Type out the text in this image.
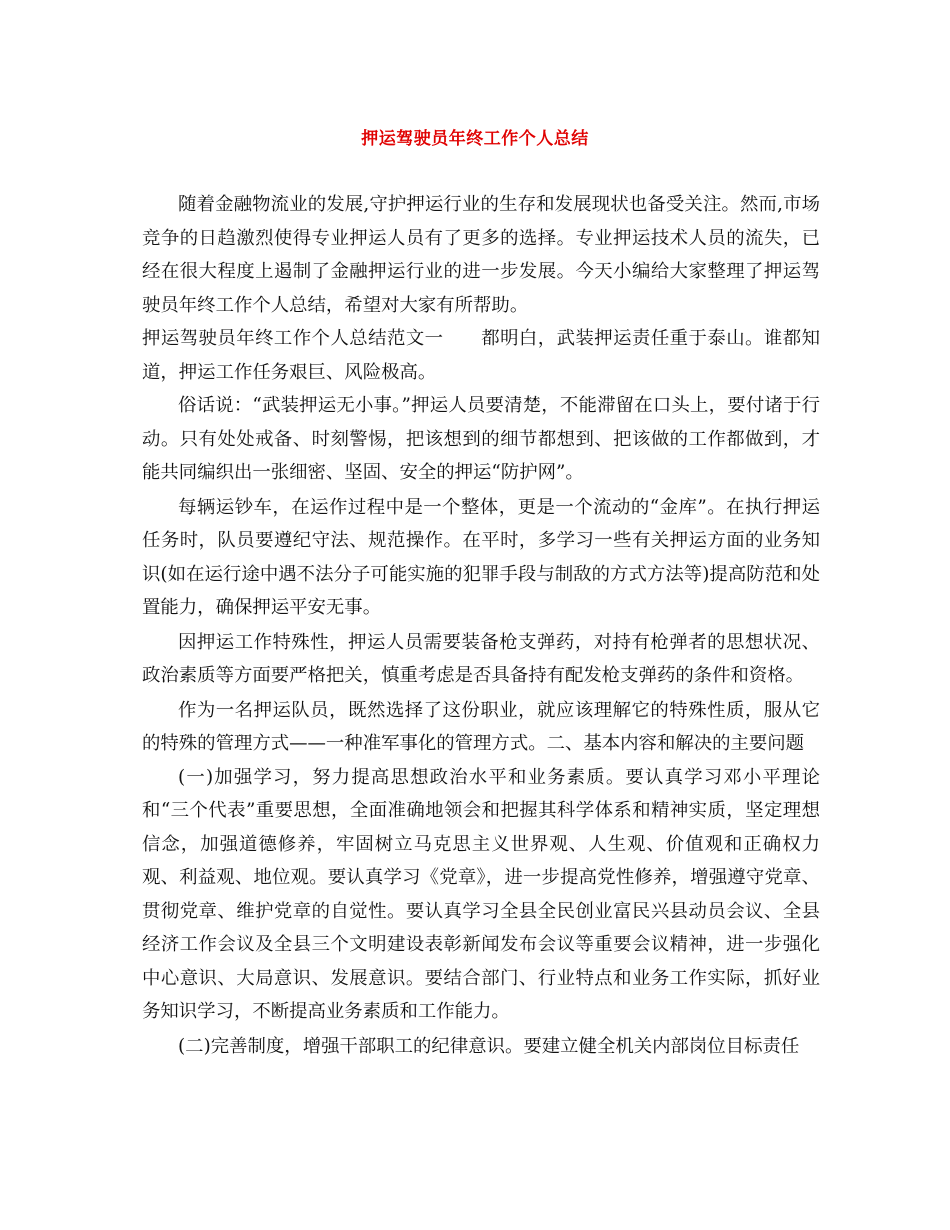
押运驾驶员年终工作个人总结

随着金融物流业的发展,守护押运行业的生存和发展现状也备受关注。然而,市场竞争的日趋激烈使得专业押运人员有了更多的选择。专业押运技术人员的流失，已经在很大程度上遏制了金融押运行业的进一步发展。今天小编给大家整理了押运驾驶员年终工作个人总结，希望对大家有所帮助。

押运驾驶员年终工作个人总结范文一　　都明白，武装押运责任重于泰山。谁都知道，押运工作任务艰巨、风险极高。

俗话说：“武装押运无小事。”押运人员要清楚，不能滞留在口头上，要付诸于行动。只有处处戒备、时刻警惕，把该想到的细节都想到、把该做的工作都做到，才能共同编织出一张细密、坚固、安全的押运“防护网”。

每辆运钞车，在运作过程中是一个整体，更是一个流动的“金库”。在执行押运任务时，队员要遵纪守法、规范操作。在平时，多学习一些有关押运方面的业务知识(如在运行途中遇不法分子可能实施的犯罪手段与制敌的方式方法等)提高防范和处置能力，确保押运平安无事。

因押运工作特殊性，押运人员需要装备枪支弹药，对持有枪弹者的思想状况、政治素质等方面要严格把关，慎重考虑是否具备持有配发枪支弹药的条件和资格。

作为一名押运队员，既然选择了这份职业，就应该理解它的特殊性质，服从它的特殊的管理方式——一种准军事化的管理方式。二、基本内容和解决的主要问题

(一)加强学习，努力提高思想政治水平和业务素质。要认真学习邓小平理论和“三个代表”重要思想，全面准确地领会和把握其科学体系和精神实质，坚定理想信念，加强道德修养，牢固树立马克思主义世界观、人生观、价值观和正确权力观、利益观、地位观。要认真学习《党章》，进一步提高党性修养，增强遵守党章、贯彻党章、维护党章的自觉性。要认真学习全县全民创业富民兴县动员会议、全县经济工作会议及全县三个文明建设表彰新闻发布会议等重要会议精神，进一步强化中心意识、大局意识、发展意识。要结合部门、行业特点和业务工作实际，抓好业务知识学习，不断提高业务素质和工作能力。

(二)完善制度，增强干部职工的纪律意识。要建立健全机关内部岗位目标责任
